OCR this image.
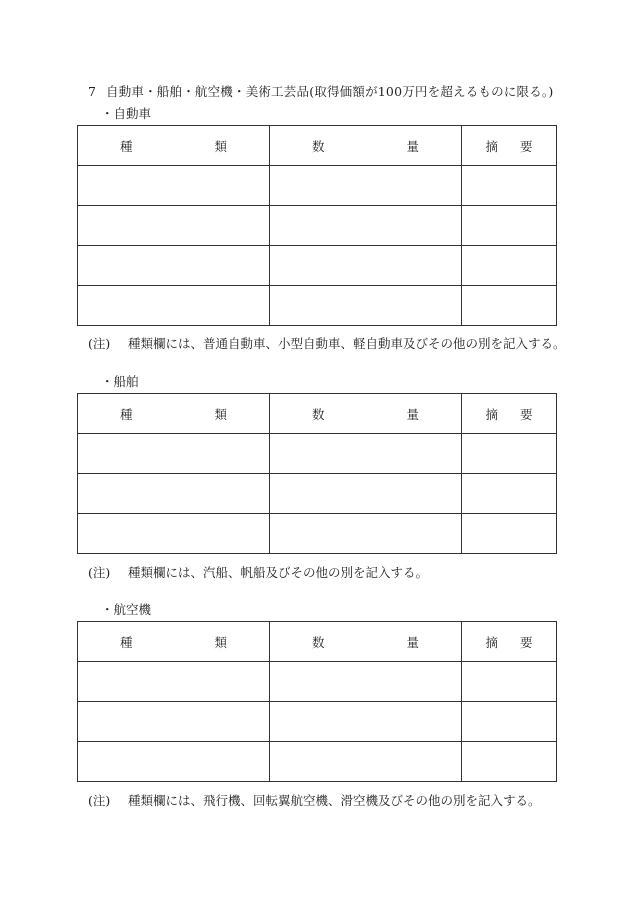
7 自動車・船舶・航空機・美術工芸品(取得価額が100万円を超えるものに限る。)
・自動車
種 類	数 量	摘 要

(注) 種類欄には、普通自動車、小型自動車、軽自動車及びその他の別を記入する。
・船舶
種 類	数 量	摘 要

(注) 種類欄には、汽船、帆船及びその他の別を記入する。
・航空機
種 類	数 量	摘 要

(注) 種類欄には、飛行機、回転翼航空機、滑空機及びその他の別を記入する。
